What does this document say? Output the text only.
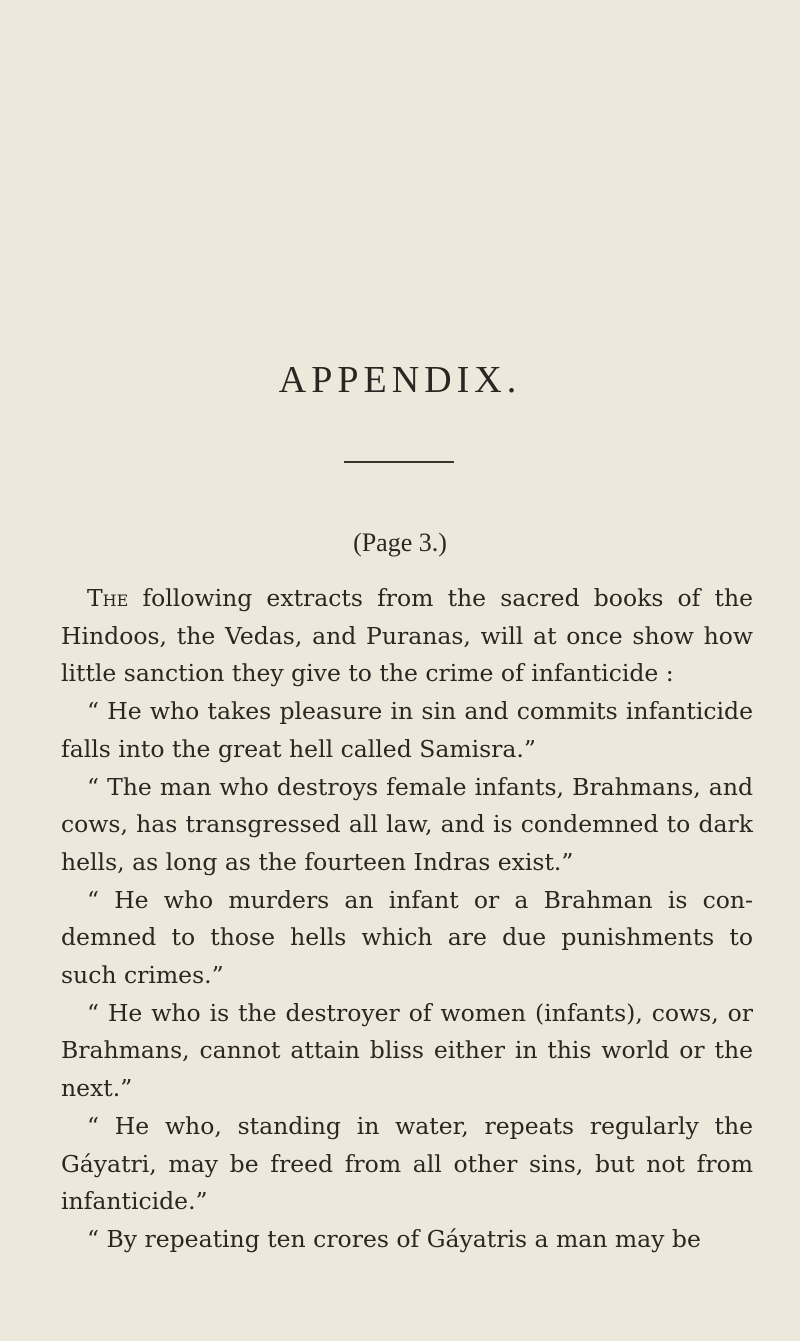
APPENDIX.
(Page 3.)

The following extracts from the sacred books of the Hindoos, the Vedas, and Puranas, will at once show how little sanction they give to the crime of infanticide :

“ He who takes pleasure in sin and commits infanticide falls into the great hell called Samisra.”

“ The man who destroys female infants, Brahmans, and cows, has transgressed all law, and is condemned to dark hells, as long as the fourteen Indras exist.”

“ He who murders an infant or a Brahman is condemned to those hells which are due punishments to such crimes.”

“ He who is the destroyer of women (infants), cows, or Brahmans, cannot attain bliss either in this world or the next.”

“ He who, standing in water, repeats regularly the Gáyatri, may be freed from all other sins, but not from infanticide.”

“ By repeating ten crores of Gáyatris a man may be
